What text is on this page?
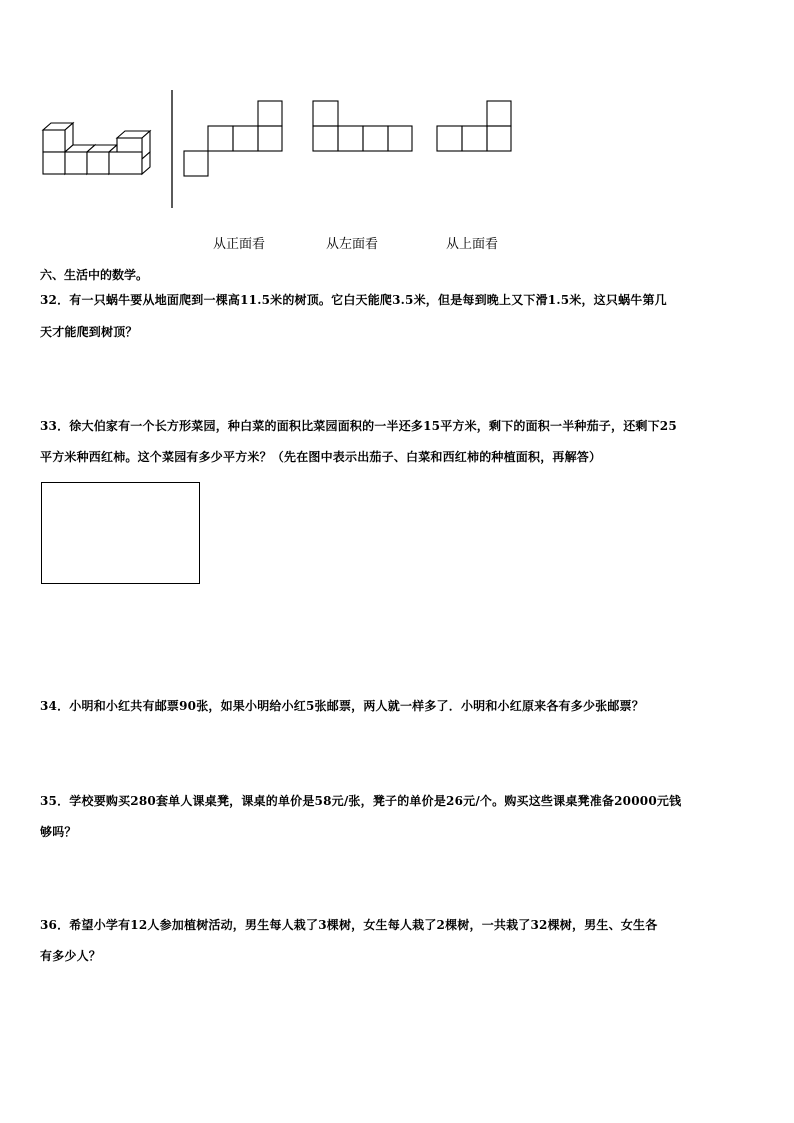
从正面看	从左面看	从上面看
六、生活中的数学。
32．有一只蜗牛要从地面爬到一棵高11.5米的树顶。它白天能爬3.5米，但是每到晚上又下滑1.5米，这只蜗牛第几
天才能爬到树顶？
33．徐大伯家有一个长方形菜园，种白菜的面积比菜园面积的一半还多15平方米，剩下的面积一半种茄子，还剩下25
平方米种西红柿。这个菜园有多少平方米？（先在图中表示出茄子、白菜和西红柿的种植面积，再解答）
34．小明和小红共有邮票90张，如果小明给小红5张邮票，两人就一样多了．小明和小红原来各有多少张邮票？
35．学校要购买280套单人课桌凳，课桌的单价是58元/张，凳子的单价是26元/个。购买这些课桌凳准备20000元钱
够吗？
36．希望小学有12人参加植树活动，男生每人栽了3棵树，女生每人栽了2棵树，一共栽了32棵树，男生、女生各
有多少人？
